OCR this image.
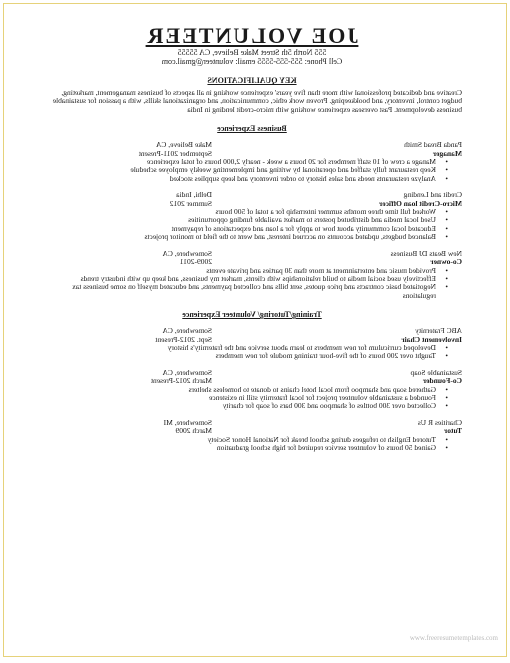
JOE VOLUNTEER
555 North 5th Street Make Believe, CA 55555
Cell Phone: 555-555-5555 email: volunteer@gmail.com
KEY QUALIFICATIONS
Creative and dedicated professional with more than five years' experience working in all aspects of business management, marketing, budget control, inventory, and bookkeeping. Proven work ethic, communication, and organizational skills, with a passion for sustainable business development. Past overseas experience working with micro-credit lending in India
Business Experience
Panda Bread Smith
Make Believe, CA
Manager
September 2011-Present
• Manage a crew of 10 staff members for 20 hours a week - nearly 2,000 hours of total experience
• Keep restaurant fully staffed and operational by writing and implementing weekly employee schedule
• Analyze restaurants needs and sales history to order inventory and keep supplies stocked
Credit and Lending
Delhi, India
Micro-Credit loan Officer
Summer 2012
• Worked full time three months summer internship for a total of 500 hours
• Used local media and distributed posters to market available funding opportunities
• Educated local community about how to apply for a loan and expectations of repayment
• Balanced budgets, updated accounts on accrued interest, and went to the field to monitor projects
New Beats DJ Business
Somewhere, CA
Co-owner
2009-2011
• Provided music and entertainment at more than 30 parties and private events
• Effectively used social media to build relationships with clients, market my business, and keep up with industry trends
• Negotiated basic contracts and price quotes, sent bills and collected payments, and educated myself on some business tax regulations
Training/Tutoring/ Volunteer Experience
ABC Fraternity
Somewhere, CA
Involvement Chair
Sept. 2012-Present
• Developed curriculum for new members to learn about service and the fraternity's history
• Taught over 200 hours of the five-hour training module for new members
Sustainable Soap
Somewhere, CA
Co-Founder
March 2012-Present
• Gathered soap and shampoo from local hotel chains to donate to homeless shelters
• Founded a sustainable volunteer project for local fraternity still in existence
• Collected over 300 bottles of shampoo and 300 bars of soap for charity
Charities R Us
Somewhere, MI
Tutor
March 2009
• Tutored English to refugees during school break for National Honor Society
• Gained 50 hours of volunteer service required for high school graduation
www.freeresumetemplates.com
